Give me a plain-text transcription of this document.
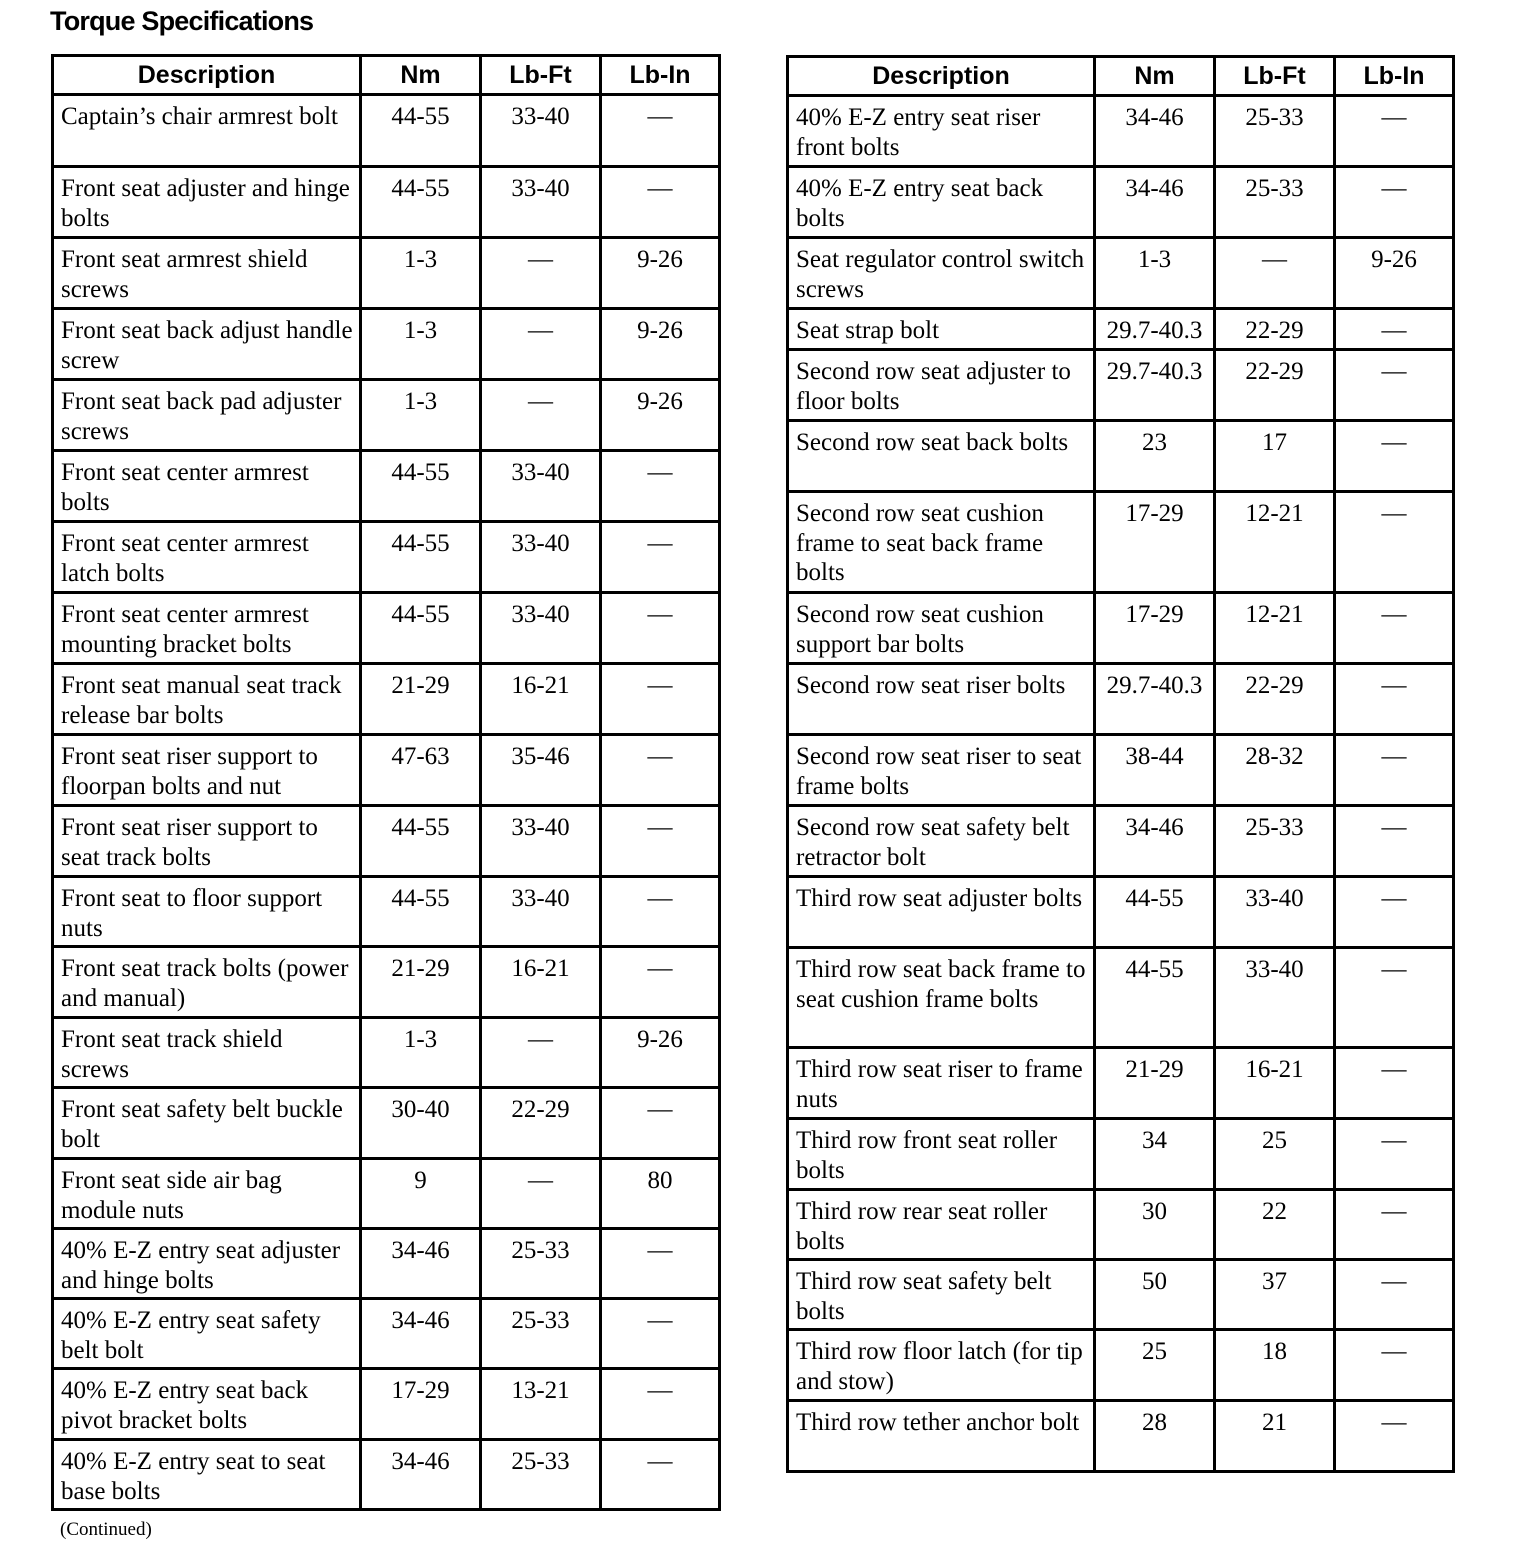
Torque Specifications
Description	Nm	Lb-Ft	Lb-In
Captain’s chair armrest bolt	44-55	33-40	—
Front seat adjuster and hinge bolts	44-55	33-40	—
Front seat armrest shield screws	1-3	—	9-26
Front seat back adjust handle screw	1-3	—	9-26
Front seat back pad adjuster screws	1-3	—	9-26
Front seat center armrest bolts	44-55	33-40	—
Front seat center armrest latch bolts	44-55	33-40	—
Front seat center armrest mounting bracket bolts	44-55	33-40	—
Front seat manual seat track release bar bolts	21-29	16-21	—
Front seat riser support to floorpan bolts and nut	47-63	35-46	—
Front seat riser support to seat track bolts	44-55	33-40	—
Front seat to floor support nuts	44-55	33-40	—
Front seat track bolts (power and manual)	21-29	16-21	—
Front seat track shield screws	1-3	—	9-26
Front seat safety belt buckle bolt	30-40	22-29	—
Front seat side air bag module nuts	9	—	80
40% E-Z entry seat adjuster and hinge bolts	34-46	25-33	—
40% E-Z entry seat safety belt bolt	34-46	25-33	—
40% E-Z entry seat back pivot bracket bolts	17-29	13-21	—
40% E-Z entry seat to seat base bolts	34-46	25-33	—
Description	Nm	Lb-Ft	Lb-In
40% E-Z entry seat riser front bolts	34-46	25-33	—
40% E-Z entry seat back bolts	34-46	25-33	—
Seat regulator control switch screws	1-3	—	9-26
Seat strap bolt	29.7-40.3	22-29	—
Second row seat adjuster to floor bolts	29.7-40.3	22-29	—
Second row seat back bolts	23	17	—
Second row seat cushion frame to seat back frame bolts	17-29	12-21	—
Second row seat cushion support bar bolts	17-29	12-21	—
Second row seat riser bolts	29.7-40.3	22-29	—
Second row seat riser to seat frame bolts	38-44	28-32	—
Second row seat safety belt retractor bolt	34-46	25-33	—
Third row seat adjuster bolts	44-55	33-40	—
Third row seat back frame to seat cushion frame bolts	44-55	33-40	—
Third row seat riser to frame nuts	21-29	16-21	—
Third row front seat roller bolts	34	25	—
Third row rear seat roller bolts	30	22	—
Third row seat safety belt bolts	50	37	—
Third row floor latch (for tip and stow)	25	18	—
Third row tether anchor bolt	28	21	—
(Continued)
